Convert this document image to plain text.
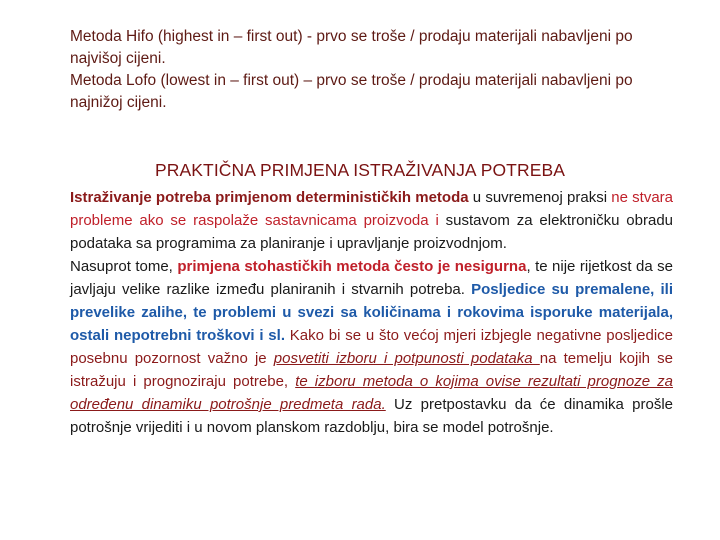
Metoda Hifo (highest in – first out) - prvo se troše / prodaju materijali nabavljeni po najvišoj cijeni.
Metoda Lofo (lowest in – first out) – prvo se troše / prodaju materijali nabavljeni po najnižoj cijeni.
PRAKTIČNA PRIMJENA ISTRAŽIVANJA POTREBA

Istraživanje potreba primjenom determinističkih metoda u suvremenoj praksi ne stvara probleme ako se raspolaže sastavnicama proizvoda i sustavom za elektroničku obradu podataka sa programima za planiranje i upravljanje proizvodnjom.

Nasuprot tome, primjena stohastičkih metoda često je nesigurna, te nije rijetkost da se javljaju velike razlike između planiranih i stvarnih potreba. Posljedice su premalene, ili prevelike zalihe, te problemi u svezi sa količinama i rokovima isporuke materijala, ostali nepotrebni troškovi i sl. Kako bi se u što većoj mjeri izbjegle negativne posljedice posebnu pozornost važno je posvetiti izboru i potpunosti podataka na temelju kojih se istražuju i prognoziraju potrebe, te izboru metoda o kojima ovise rezultati prognoze za određenu dinamiku potrošnje predmeta rada. Uz pretpostavku da će dinamika prošle potrošnje vrijediti i u novom planskom razdoblju, bira se model potrošnje.
